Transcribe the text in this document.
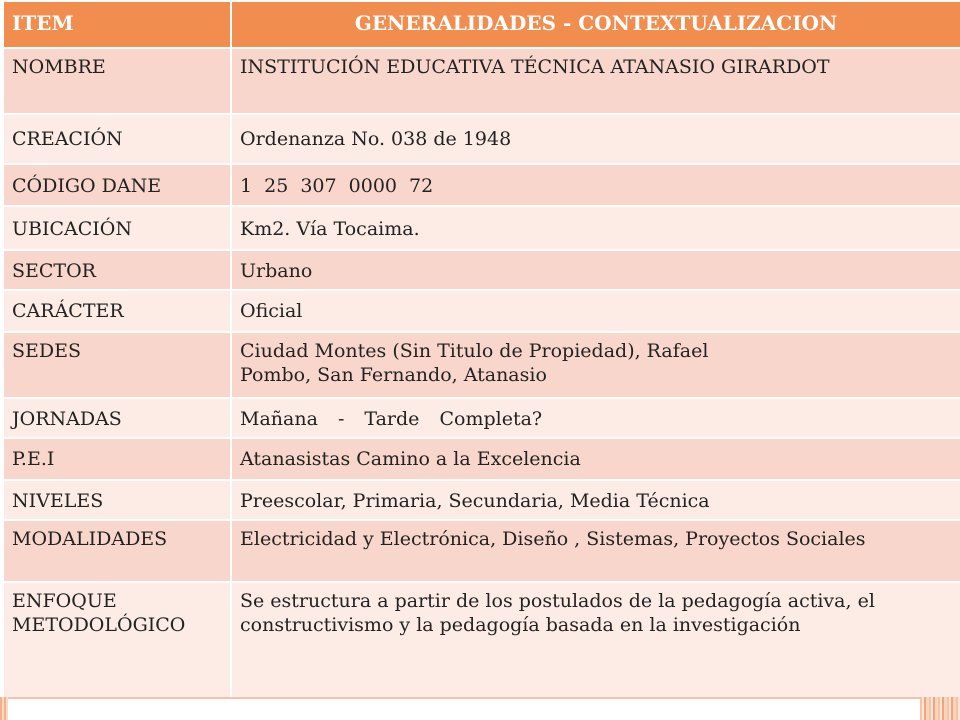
ITEM	GENERALIDADES - CONTEXTUALIZACION
NOMBRE	INSTITUCIÓN EDUCATIVA TÉCNICA ATANASIO GIRARDOT
CREACIÓN	Ordenanza No. 038 de 1948
CÓDIGO DANE	1 25 307 0000 72
UBICACIÓN	Km2. Vía Tocaima.
SECTOR	Urbano
CARÁCTER	Oficial
SEDES	Ciudad Montes (Sin Titulo de Propiedad), Rafael Pombo, San Fernando, Atanasio
JORNADAS	Mañana - Tarde Completa?
P.E.I	Atanasistas Camino a la Excelencia
NIVELES	Preescolar, Primaria, Secundaria, Media Técnica
MODALIDADES	Electricidad y Electrónica, Diseño , Sistemas, Proyectos Sociales
ENFOQUE METODOLÓGICO	Se estructura a partir de los postulados de la pedagogía activa, el constructivismo y la pedagogía basada en la investigación
